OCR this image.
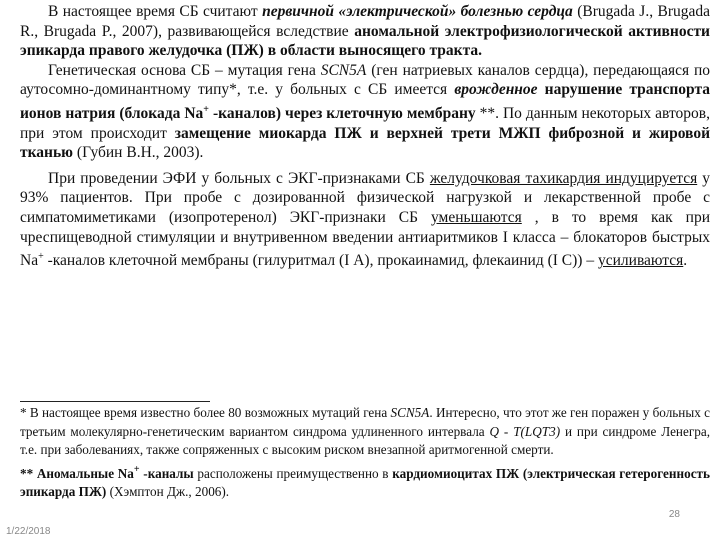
В настоящее время СБ считают первичной «электрической» болезнью сердца (Brugada J., Brugada R., Brugada P., 2007), развивающейся вследствие аномальной электрофизиологической активности эпикарда правого желудочка (ПЖ) в области выносящего тракта.

Генетическая основа СБ – мутация гена SCN5A (ген натриевых каналов сердца), передающаяся по аутосомно-доминантному типу*, т.е. у больных с СБ имеется врожденное нарушение транспорта ионов натрия (блокада Na+ -каналов) через клеточную мембрану **. По данным некоторых авторов, при этом происходит замещение миокарда ПЖ и верхней трети МЖП фиброзной и жировой тканью (Губин В.Н., 2003).

При проведении ЭФИ у больных с ЭКГ-признаками СБ желудочковая тахикардия индуцируется у 93% пациентов. При пробе с дозированной физической нагрузкой и лекарственной пробе с симпатомиметиками (изопротеренол) ЭКГ-признаки СБ уменьшаются , в то время как при чреспищеводной стимуляции и внутривенном введении антиаритмиков I класса – блокаторов быстрых Na+ -каналов клеточной мембраны (гилуритмал (I А), прокаинамид, флекаинид (I С)) – усиливаются.

* В настоящее время известно более 80 возможных мутаций гена SCN5A. Интересно, что этот же ген поражен у больных с третьим молекулярно-генетическим вариантом синдрома удлиненного интервала Q - T(LQT3) и при синдроме Ленегра, т.е. при заболеваниях, также сопряженных с высоким риском внезапной аритмогенной смерти.

** Аномальные Na+ -каналы расположены преимущественно в кардиомиоцитах ПЖ (электрическая гетерогенность эпикарда ПЖ) (Хэмптон Дж., 2006).

28
1/22/2018
